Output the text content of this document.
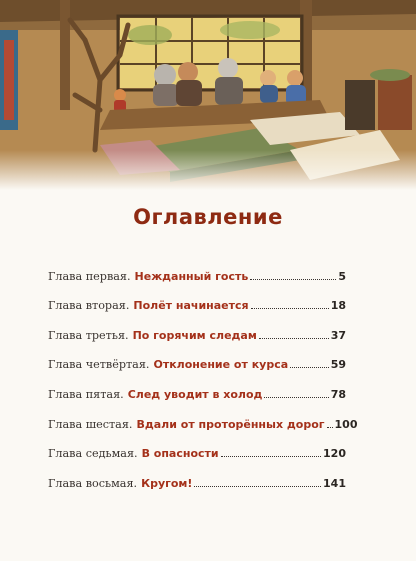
Оглавление
Глава первая. Нежданный гость	5
Глава вторая. Полёт начинается	18
Глава третья. По горячим следам	37
Глава четвёртая. Отклонение от курса	59
Глава пятая. След уводит в холод	78
Глава шестая. Вдали от проторённых дорог 100
Глава седьмая. В опасности	120
Глава восьмая. Кругом!	141
